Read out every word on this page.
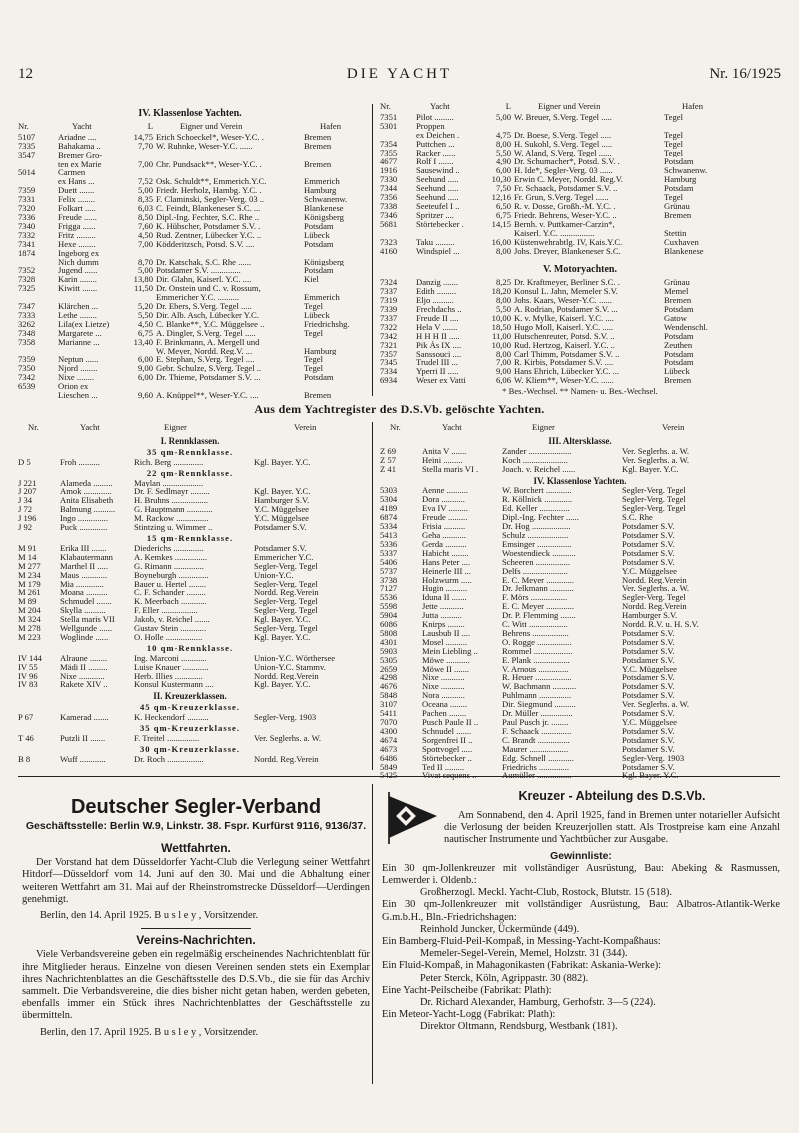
12	DIE YACHT	Nr. 16/1925
IV. Klassenlose Yachten.
Nr.	Yacht	L	Eigner und Verein	Hafen
5107	Ariadne ....	14,75	Erich Schoeckel*, Weser-Y.C. .	Bremen
7335	Bahakama ..	7,70	W. Ruhnke, Weser-Y.C. ......	Bremen
3547	Bremer Gro-			
	ten ex Marie	7,00	Chr. Pundsack**, Weser-Y.C. .	Bremen
5014	Carmen			
	ex Hans ...	7,52	Osk. Schuldt**, Emmerich.Y.C.	Emmerich
7359	Duett .......	5,00	Friedr. Herholz, Hambg. Y.C. .	Hamburg
7331	Felix ........	8,35	F. Claminski, Segler-Verg. 03 ..	Schwanenw.
7320	Folkart .....	6,03	C. Feindt, Blankeneser S.C. ...	Blankenese
7336	Freude ......	8,50	Dipl.-Ing. Fechter, S.C. Rhe ..	Königsberg
7340	Frigga ......	7,60	K. Hübscher, Potsdamer S.V. .	Potsdam
7332	Fritz .........	4,50	Rud. Zentner, Lübecker Y.C. ..	Lübeck
7341	Hexe ........	7,00	Ködderitzsch, Potsd. S.V. ....	Potsdam
1874	Ingeborg ex			
	Nich dumm	8,70	Dr. Katschak, S.C. Rhe ......	Königsberg
7352	Jugend ......	5,00	Potsdamer S.V. ..............	Potsdam
7328	Karin ........	13,80	Dir. Glahn, Kaiserl. Y.C. ....	Kiel
7325	Kiwitt .......	11,50	Dr. Onstein und C. v. Rossum,	
			Emmericher Y.C. ..........	Emmerich
7347	Klärchen ...	5,20	Dr. Ebers, S.Verg. Tegel .....	Tegel
7333	Lethe ........	5,50	Dir. Alb. Asch, Lübecker Y.C.	Lübeck
3262	Lila(ex Lietze)	4,50	C. Blanke**, Y.C. Müggelsee ..	Friedrichshg.
7348	Margarete ...	6,75	A. Dingler, S.Verg. Tegel .....	Tegel
7358	Marianne ...	13,40	F. Brinkmann, A. Mergell und	
			W. Meyer, Nordd. Reg.V. ...	Hamburg
7359	Neptun ......	6,00	E. Stephan, S.Verg. Tegel ....	Tegel
7350	Njord ........	9,00	Gebr. Schulze, S.Verg. Tegel ..	Tegel
7342	Nixe ........	6,00	Dr. Thieme, Potsdamer S.V. ...	Potsdam
6539	Orion ex			
	Lieschen ...	9,60	A. Knüppel**, Weser-Y.C. ....	Bremen
Nr.	Yacht	L	Eigner und Verein	Hafen
7351	Pilot .........	5,00	W. Breuer, S.Verg. Tegel .....	Tegel
5301	Proppen			
	ex Deichen .	4,75	Dr. Boese, S.Verg. Tegel .....	Tegel
7354	Puttchen ...	8,00	H. Sukohl, S.Verg. Tegel .....	Tegel
7355	Racker ......	5,50	W. Aland, S.Verg. Tegel ......	Tegel
4677	Rolf I .......	4,90	Dr. Schumacher*, Potsd. S.V. .	Potsdam
1916	Sausewind ..	6,00	H. Ide*, Segler-Verg. 03 ......	Schwanenw.
7330	Seehund .....	10,30	Erwin C. Meyer, Nordd. Reg.V.	Hamburg
7344	Seehund .....	7,50	Fr. Schaack, Potsdamer S.V. ..	Potsdam
7356	Seehund .....	12,16	Fr. Grun, S.Verg. Tegel ......	Tegel
7338	Seeteufel I ..	6,50	R. v. Dosse, Großh.-M. Y.C. .	Grünau
7346	Spritzer ....	6,75	Friedr. Behrens, Weser-Y.C. ..	Bremen
5681	Störtebecker .	14,15	Bernh. v. Puttkamer-Carzin*,	
			Kaiserl. Y.C. ................	Stettin
7323	Taku .........	16,00	Küstenwehrabtlg. IV, Kais.Y.C.	Cuxhaven
4160	Windspiel ...	8,00	Johs. Dreyer, Blankeneser S.C.	Blankenese
V. Motoryachten.
7324	Danzig .......	8,25	Dr. Kraftmeyer, Berliner S.C. .	Grünau
7337	Edith .........	18,20	Konsul L. Jahn, Memeler S.V.	Memel
7319	Eljo ..........	8,00	Johs. Kaars, Weser-Y.C. ......	Bremen
7339	Frechdachs ..	5,50	A. Rodrian, Potsdamer S.V. ...	Potsdam
7337	Freude II ....	10,00	K. v. Mylke, Kaiserl. Y.C. ....	Gatow
7322	Hela V .......	18,50	Hugo Moll, Kaiserl. Y.C. .....	Wendenschl.
7342	H H H II .....	11,00	Hutschenreuter, Potsd. S.V. ..	Potsdam
7321	Pik Ás IX ....	10,00	Rud. Hertzog, Kaiserl. Y.C. ..	Zeuthen
7357	Sanssouci ....	8,00	Carl Thimm, Potsdamer S.V. ..	Potsdam
7345	Trudel III ...	7,00	R. Kirbis, Potsdamer S.V. ....	Potsdam
7334	Yperri II .....	9,00	Hans Ehrich, Lübecker Y.C. ...	Lübeck
6934	Weser ex Vatti	6,06	W. Kliem**, Weser-Y.C. ......	Bremen
* Bes.-Wechsel. ** Namen- u. Bes.-Wechsel.
Aus dem Yachtregister des D.S.Vb. gelöschte Yachten.
Nr.	Yacht	Eigner	Verein
I. Rennklassen.
35 qm-Rennklasse.
D 5	Froh ..........	Rich. Berg ..............	Kgl. Bayer. Y.C.
22 qm-Rennklasse.
J 221	Alameda .........	Maylan ...................	
J 207	Amok .............	Dr. F. Sedlmayr .........	Kgl. Bayer. Y.C.
J 34	Anita Elisabeth	H. Bruhns .................	Hamburger S.V.
J 72	Balmung ..........	G. Hauptmann ............	Y.C. Müggelsee
J 196	Ingo ..............	M. Rackow ...............	Y.C. Müggelsee
J 92	Puck .............	Stintzing u. Wimmer ..	Potsdamer S.V.
15 qm-Rennklasse.
M 91	Erika III .......	Diederichs ..............	Potsdamer S.V.
M 14	Klabautermann	A. Kemkes ...............	Emmericher Y.C.
M 277	Marthel II .....	G. Rimann ..............	Segler-Verg. Tegel
M 234	Maus ............	Boyneburgh ..............	Union-Y.C.
M 179	Mia .............	Bauer u. Hertel ........	Segler-Verg. Tegel
M 261	Moana ..........	C. F. Schander .........	Nordd. Reg.Verein
M 89	Schmudel .......	K. Meerbach ............	Segler-Verg. Tegel
M 204	Skylla ..........	F. Eller .................	Segler-Verg. Tegel
M 324	Stella maris VII	Jakob, v. Reichel .......	Kgl. Bayer. Y.C.
M 278	Wellgunde ......	Gustav Stein ............	Segler-Verg. Tegel
M 223	Woglinde ......	O. Holle .................	Kgl. Bayer. Y.C.
10 qm-Rennklasse.
IV 144	Alraune ........	Ing. Marconi ............	Union-Y.C. Wörthersee
IV 55	Mädi II .........	Luise Knauer ............	Union-Y.C. Stammv.
IV 96	Nixe ............	Herb. Illies .............	Nordd. Reg.Verein
IV 83	Rakete XIV ..	Konsul Kustermann ....	Kgl. Bayer. Y.C.
II. Kreuzerklassen.
45 qm-Kreuzerklasse.
P 67	Kamerad .......	K. Heckendorf ..........	Segler-Verg. 1903
35 qm-Kreuzerklasse.
T 46	Putzli II .......	F. Treitel ...............	Ver. Seglerhs. a. W.
30 qm-Kreuzerklasse.
B 8	Wuff ............	Dr. Roch .................	Nordd. Reg.Verein
Nr.	Yacht	Eigner	Verein
III. Altersklasse.
Z 69	Anita V .......	Zander ....................	Ver. Seglerhs. a. W.
Z 57	Heini .........	Koch .....................	Ver. Seglerhs. a. W.
Z 41	Stella maris VI .	Joach. v. Reichel ......	Kgl. Bayer. Y.C.
IV. Klassenlose Yachten.
5303	Aenne ..........	W. Borchert ............	Segler-Verg. Tegel
5304	Dora ...........	R. Köllnick .............	Segler-Verg. Tegel
4189	Eva IV .........	Ed. Keller ..............	Segler-Verg. Tegel
6874	Freude .........	Dipl.-Ing. Fechter ......	S.C. Rhe
5334	Frisia ..........	Dr. Hog ..................	Potsdamer S.V.
5413	Geha ...........	Schulz ...................	Potsdamer S.V.
5336	Gerda ..........	Emsinger ................	Potsdamer S.V.
5337	Habicht ........	Woestendieck ...........	Potsdamer S.V.
5406	Hans Peter ....	Scheeren ................	Potsdamer S.V.
5737	Heinerle III ...	Delfs .....................	Y.C. Müggelsee
3738	Holzwurm .....	E. C. Meyer .............	Nordd. Reg.Verein
7127	Hugin ..........	Dr. Jelkmann ...........	Ver. Seglerhs. a. W.
5536	Iduna II .......	F. Mörs .................	Segler-Verg. Tegel
5598	Jette ...........	E. C. Meyer .............	Nordd. Reg.Verein
5904	Jutta ..........	Dr. P. Flemming .......	Hamburger S.V.
6086	Knirps ........	C. Witt ..................	Nordd. R.V. u. H. S.V.
5808	Lausbub II ....	Behrens .................	Potsdamer S.V.
4301	Mosel ..........	O. Rogge ................	Potsdamer S.V.
5903	Mein Liebling ..	Rommel ..................	Potsdamer S.V.
5305	Möwe ...........	E. Plank .................	Potsdamer S.V.
2659	Möwe II .......	V. Arnous ..............	Y.C. Müggelsee
4298	Nixe ...........	R. Heuer .................	Potsdamer S.V.
4676	Nixe ...........	W. Bachmann ...........	Potsdamer S.V.
5848	Nora ...........	Puhlmann ...............	Potsdamer S.V.
3107	Oceana ........	Dir. Siegmund ..........	Ver. Seglerhs. a. W.
5411	Pachen ........	Dr. Müller ...............	Potsdamer S.V.
7070	Pusch Paule II ..	Paul Pusch jr. ........	Y.C. Müggelsee
4300	Schnudel .......	F. Schaack ..............	Potsdamer S.V.
4674	Sorgenfrei II ..	C. Brandt ...............	Potsdamer S.V.
4673	Spottvogel .....	Maurer ..................	Potsdamer S.V.
6486	Störtebecker ..	Edg. Schnell ............	Segler-Verg. 1903
5849	Ted II .........	Friedrichs ..............	Potsdamer S.V.
5425	Vivat sequens ..	Aumüller ................	Kgl. Bayer. Y.C.
Deutscher Segler-Verband
Geschäftsstelle: Berlin W.9, Linkstr. 38. Fspr. Kurfürst 9116, 9136/37.
Wettfahrten.

Der Vorstand hat dem Düsseldorfer Yacht-Club die Verlegung seiner Wettfahrt Hitdorf—Düsseldorf vom 14. Juni auf den 30. Mai und die Abhaltung einer weiteren Wettfahrt am 31. Mai auf der Rheinstromstrecke Düsseldorf—Uerdingen genehmigt.

Berlin, den 14. April 1925. B u s l e y , Vorsitzender.

Vereins-Nachrichten.

Viele Verbandsvereine geben ein regelmäßig erscheinendes Nachrichtenblatt für ihre Mitglieder heraus. Einzelne von diesen Vereinen senden stets ein Exemplar ihres Nachrichtenblattes an die Geschäftsstelle des D.S.Vb., die sie für das Archiv sammelt. Die Verbandsvereine, die dies bisher nicht getan haben, werden gebeten, ebenfalls immer ein Stück ihres Nachrichtenblattes der Geschäftsstelle zu übermitteln.

Berlin, den 17. April 1925. B u s l e y , Vorsitzender.

Kreuzer - Abteilung des D.S.Vb.

Am Sonnabend, den 4. April 1925, fand in Bremen unter notarieller Aufsicht die Verlosung der beiden Kreuzerjollen statt. Als Trostpreise kam eine Anzahl nautischer Instrumente und Yachtbücher zur Ausgabe.

Gewinnliste:

Ein 30 qm-Jollenkreuzer mit vollständiger Ausrüstung, Bau: Abeking & Rasmussen, Lemwerder i. Oldenb.:

Großherzogl. Meckl. Yacht-Club, Rostock, Blutstr. 15 (518).

Ein 30 qm-Jollenkreuzer mit vollständiger Ausrüstung, Bau: Albatros-Atlantik-Werke G.m.b.H., Bln.-Friedrichshagen:

Reinhold Juncker, Ückermünde (449).

Ein Bamberg-Fluid-Peil-Kompaß, in Messing-Yacht-Kompaßhaus:

Memeler-Segel-Verein, Memel, Holzstr. 31 (344).

Ein Fluid-Kompaß, in Mahagonikasten (Fabrikat: Askania-Werke):

Peter Sterck, Köln, Agrippastr. 30 (882).

Eine Yacht-Peilscheibe (Fabrikat: Plath):

Dr. Richard Alexander, Hamburg, Gerhofstr. 3—5 (224).

Ein Meteor-Yacht-Logg (Fabrikat: Plath):

Direktor Oltmann, Rendsburg, Westbank (181).
